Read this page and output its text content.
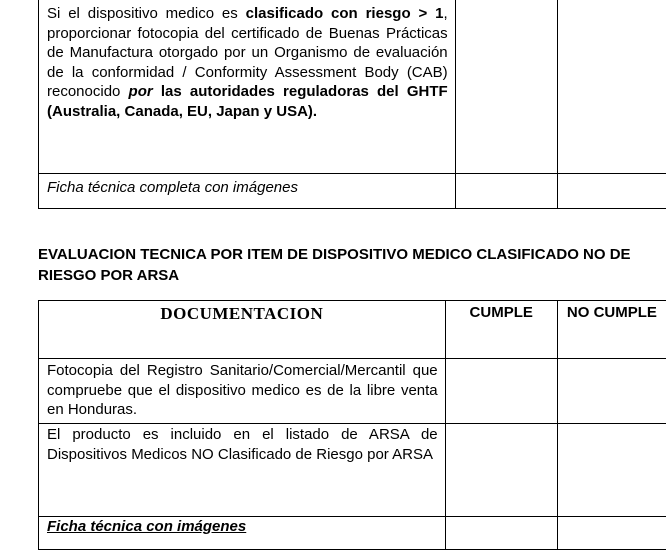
Si el dispositivo medico es clasificado con riesgo > 1, proporcionar fotocopia del certificado de Buenas Prácticas de Manufactura otorgado por un Organismo de evaluación de la conformidad / Conformity Assessment Body (CAB) reconocido por las autoridades reguladoras del GHTF (Australia, Canada, EU, Japan y USA).		

Ficha técnica completa con imágenes		

EVALUACION TECNICA POR ITEM DE DISPOSITIVO MEDICO CLASIFICADO NO DE RIESGO POR ARSA
DOCUMENTACION	CUMPLE	NO CUMPLE

Fotocopia del Registro Sanitario/Comercial/Mercantil que compruebe que el dispositivo medico es de la libre venta en Honduras.		

El producto es incluido en el listado de ARSA de Dispositivos Medicos NO Clasificado de Riesgo por ARSA		

Ficha técnica con imágenes		
